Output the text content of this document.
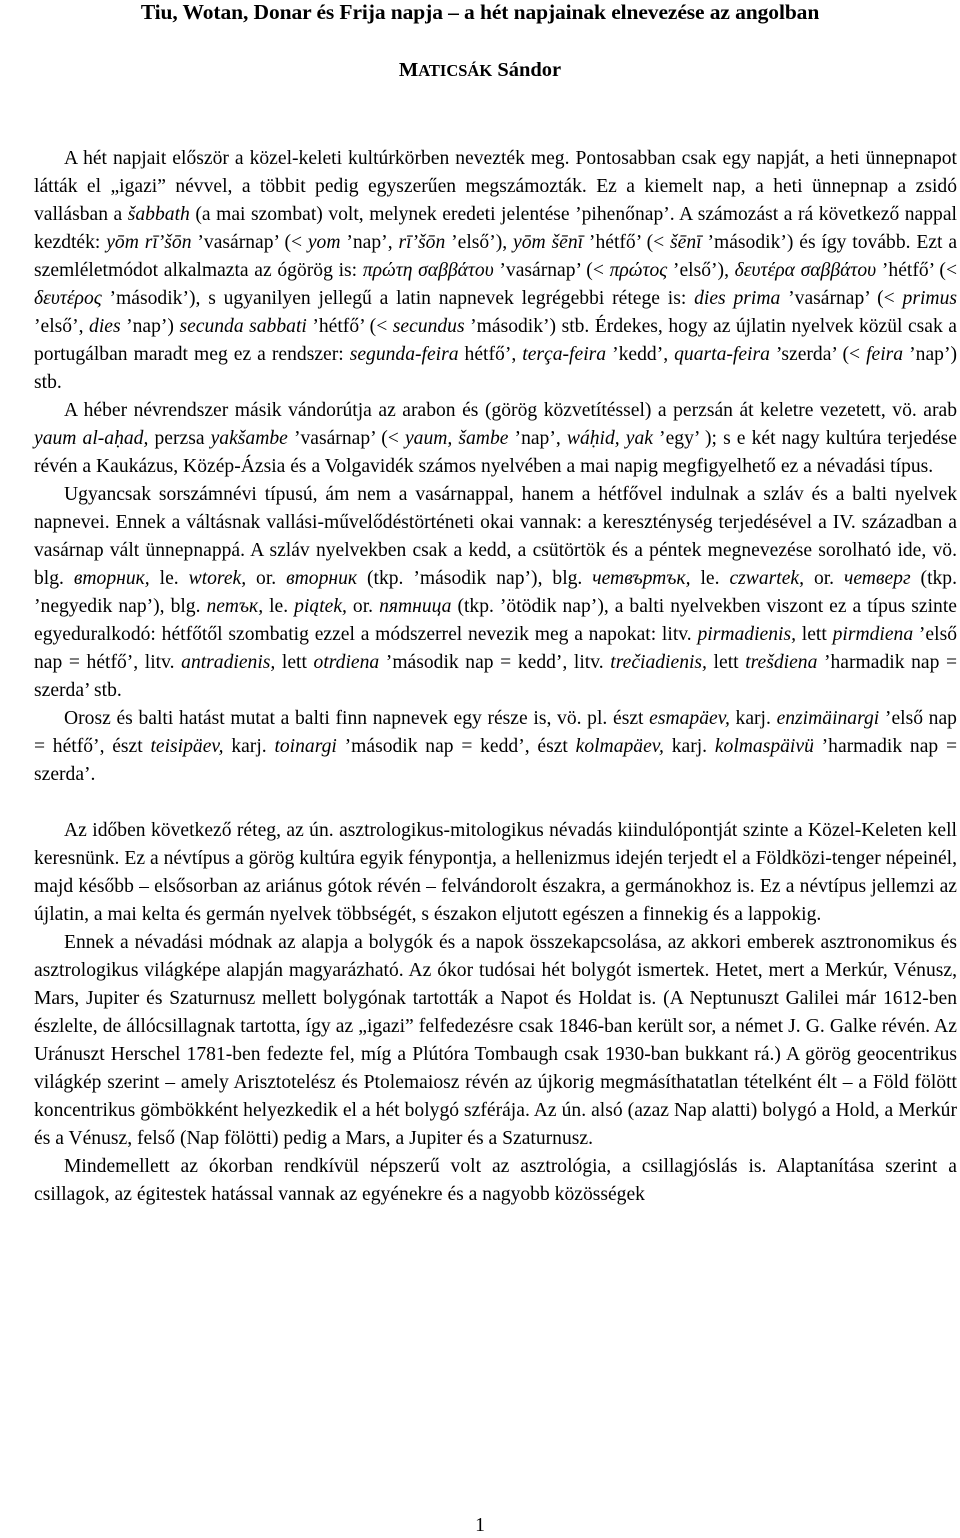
Tiu, Wotan, Donar és Frija napja – a hét napjainak elnevezése az angolban
MATICSÁK Sándor

A hét napjait először a közel-keleti kultúrkörben nevezték meg. Pontosabban csak egy napját, a heti ünnepnapot látták el „igazi” névvel, a többit pedig egyszerűen megszámozták. Ez a kiemelt nap, a heti ünnepnap a zsidó vallásban a šabbath (a mai szombat) volt, melynek eredeti jelentése ’pihenőnap’. A számozást a rá következő nappal kezdték: yōm rī’šōn ’vasárnap’ (< yom ’nap’, rī’šōn ’első’), yōm šēnī ’hétfő’ (< šēnī ’második’) és így tovább. Ezt a szemléletmódot alkalmazta az ógörög is: πρώτη σαββάτου ’vasárnap’ (< πρώτος ’első’), δευτέρα σαββάτου ’hétfő’ (< δευτέρος ’második’), s ugyanilyen jellegű a latin napnevek legrégebbi rétege is: dies prima ’vasárnap’ (< primus ’első’, dies ’nap’) secunda sabbati ’hétfő’ (< secundus ’második’) stb. Érdekes, hogy az újlatin nyelvek közül csak a portugálban maradt meg ez a rendszer: segunda-feira hétfő’, terça-feira ’kedd’, quarta-feira ’szerda’ (< feira ’nap’) stb.

A héber névrendszer másik vándorútja az arabon és (görög közvetítéssel) a perzsán át keletre vezetett, vö. arab yaum al-aḥad, perzsa yakšambe ’vasárnap’ (< yaum, šambe ’nap’, wáḥid, yak ’egy’ ); s e két nagy kultúra terjedése révén a Kaukázus, Közép-Ázsia és a Volgavidék számos nyelvében a mai napig megfigyelhető ez a névadási típus.

Ugyancsak sorszámnévi típusú, ám nem a vasárnappal, hanem a hétfővel indulnak a szláv és a balti nyelvek napnevei. Ennek a váltásnak vallási-művelődéstörténeti okai vannak: a kereszténység terjedésével a IV. században a vasárnap vált ünnepnappá. A szláv nyelvekben csak a kedd, a csütörtök és a péntek megnevezése sorolható ide, vö. blg. вторник, le. wtorek, or. вторник (tkp. ’második nap’), blg. четвъртък, le. czwartek, or. четверг (tkp. ’negyedik nap’), blg. петък, le. piątek, or. пятница (tkp. ’ötödik nap’), a balti nyelvekben viszont ez a típus szinte egyeduralkodó: hétfőtől szombatig ezzel a módszerrel nevezik meg a napokat: litv. pirmadienis, lett pirmdiena ’első nap = hétfő’, litv. antradienis, lett otrdiena ’második nap = kedd’, litv. trečiadienis, lett trešdiena ’harmadik nap = szerda’ stb.

Orosz és balti hatást mutat a balti finn napnevek egy része is, vö. pl. észt esmapäev, karj. enzimäinargi ’első nap = hétfő’, észt teisipäev, karj. toinargi ’második nap = kedd’, észt kolmapäev, karj. kolmaspäivü ’harmadik nap = szerda’.

Az időben következő réteg, az ún. asztrologikus-mitologikus névadás kiindulópontját szinte a Közel-Keleten kell keresnünk. Ez a névtípus a görög kultúra egyik fénypontja, a hellenizmus idején terjedt el a Földközi-tenger népeinél, majd később – elsősorban az ariánus gótok révén – felvándorolt északra, a germánokhoz is. Ez a névtípus jellemzi az újlatin, a mai kelta és germán nyelvek többségét, s északon eljutott egészen a finnekig és a lappokig.

Ennek a névadási módnak az alapja a bolygók és a napok összekapcsolása, az akkori emberek asztronomikus és asztrologikus világképe alapján magyarázható. Az ókor tudósai hét bolygót ismertek. Hetet, mert a Merkúr, Vénusz, Mars, Jupiter és Szaturnusz mellett bolygónak tartották a Napot és Holdat is. (A Neptunuszt Galilei már 1612-ben észlelte, de állócsillagnak tartotta, így az „igazi” felfedezésre csak 1846-ban került sor, a német J. G. Galke révén. Az Uránuszt Herschel 1781-ben fedezte fel, míg a Plútóra Tombaugh csak 1930-ban bukkant rá.) A görög geocentrikus világkép szerint – amely Arisztotelész és Ptolemaiosz révén az újkorig megmásíthatatlan tételként élt – a Föld fölött koncentrikus gömbökként helyezkedik el a hét bolygó szférája. Az ún. alsó (azaz Nap alatti) bolygó a Hold, a Merkúr és a Vénusz, felső (Nap fölötti) pedig a Mars, a Jupiter és a Szaturnusz.

Mindemellett az ókorban rendkívül népszerű volt az asztrológia, a csillagjóslás is. Alaptanítása szerint a csillagok, az égitestek hatással vannak az egyénekre és a nagyobb közösségek

1
